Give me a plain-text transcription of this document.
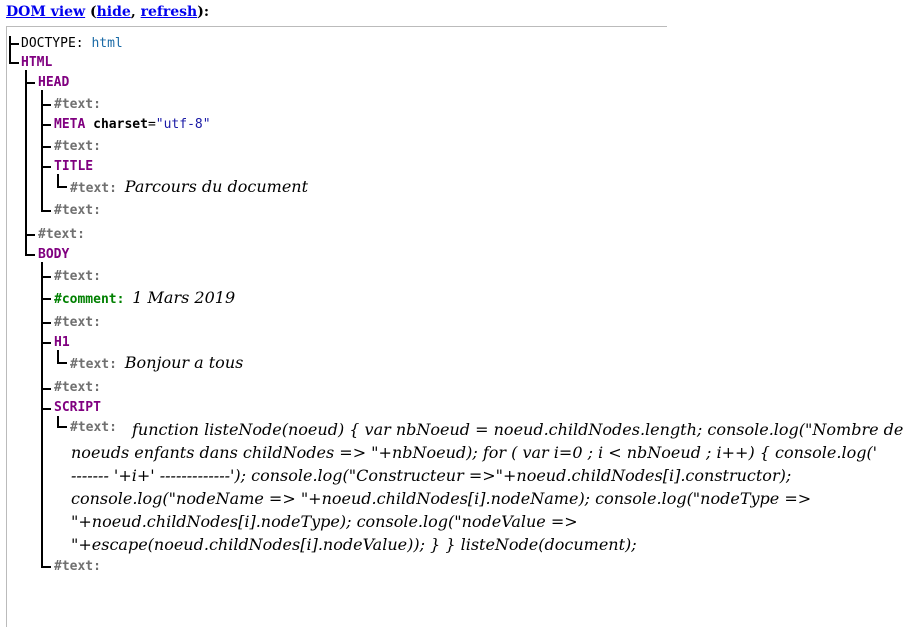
DOM view (hide, refresh):
DOCTYPE: html
HTML
HEAD
#text:
META charset="utf-8"
#text:
TITLE
#text: Parcours du document
#text:
#text:
BODY
#text:
#comment: 1 Mars 2019
#text:
H1
#text: Bonjour a tous
#text:
SCRIPT
#text: function listeNode(noeud) { var nbNoeud = noeud.childNodes.length; console.log("Nombre de
noeuds enfants dans childNodes => "+nbNoeud); for ( var i=0 ; i < nbNoeud ; i++) { console.log('
------- '+i+' -------------'); console.log("Constructeur =>"+noeud.childNodes[i].constructor);
console.log("nodeName => "+noeud.childNodes[i].nodeName); console.log("nodeType =>
"+noeud.childNodes[i].nodeType); console.log("nodeValue =>
"+escape(noeud.childNodes[i].nodeValue)); } } listeNode(document);
#text:
